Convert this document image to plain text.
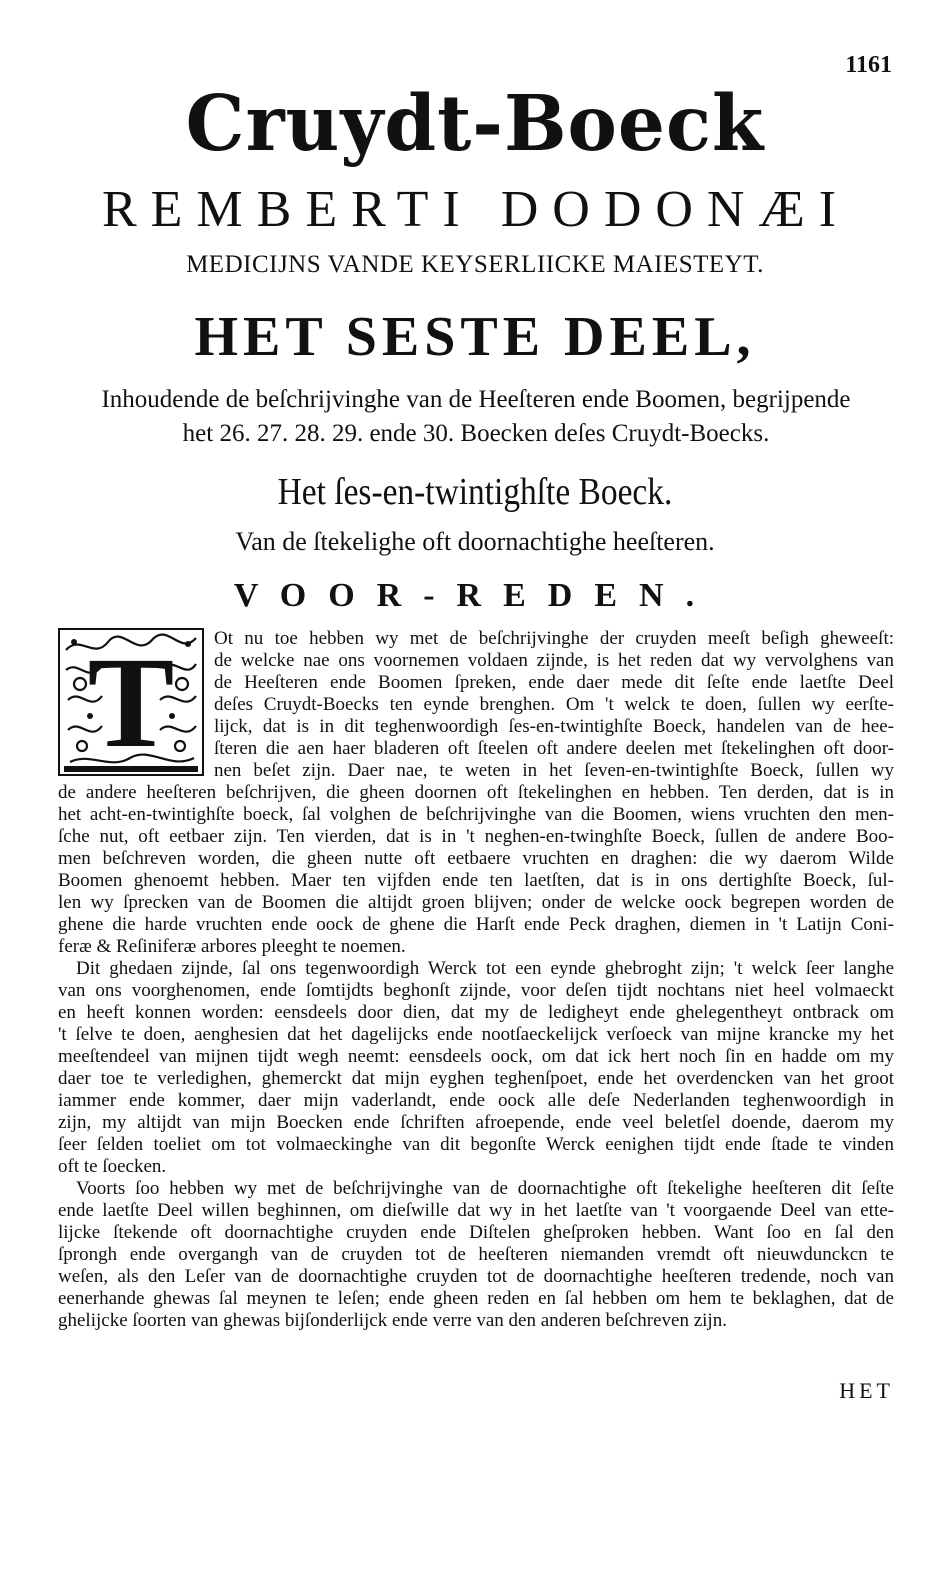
1161
Cruydt-Boeck
REMBERTI DODONÆI
MEDICIJNS VANDE KEYSERLIICKE MAIESTEYT.
HET SESTE DEEL,
Inhoudende de beſchrijvinghe van de Heeſteren ende Boomen, begrijpende
het 26. 27. 28. 29. ende 30. Boecken deſes Cruydt-Boecks.
Het ſes-en-twintighſte Boeck.
Van de ſtekelighe oft doornachtighe heeſteren.
VOOR-REDEN.
T	Ot nu toe hebben wy met de beſchrijvinghe der cruyden meeſt beſigh gheweeſt:
de welcke nae ons voornemen voldaen zijnde, is het reden dat wy vervolghens van
de Heeſteren ende Boomen ſpreken, ende daer mede dit ſeſte ende laetſte Deel
deſes Cruydt-Boecks ten eynde brenghen. Om 't welck te doen, ſullen wy eerſte-
lijck, dat is in dit teghenwoordigh ſes-en-twintighſte Boeck, handelen van de hee-
ſteren die aen haer bladeren oft ſteelen oft andere deelen met ſtekelinghen oft door-
nen beſet zijn. Daer nae, te weten in het ſeven-en-twintighſte Boeck, ſullen wy
de andere heeſteren beſchrijven, die gheen doornen oft ſtekelinghen en hebben. Ten derden, dat is in
het acht-en-twintighſte boeck, ſal volghen de beſchrijvinghe van die Boomen, wiens vruchten den men-
ſche nut, oft eetbaer zijn. Ten vierden, dat is in 't neghen-en-twinghſte Boeck, ſullen de andere Boo-
men beſchreven worden, die gheen nutte oft eetbaere vruchten en draghen: die wy daerom Wilde
Boomen ghenoemt hebben. Maer ten vijfden ende ten laetſten, dat is in ons dertighſte Boeck, ſul-
len wy ſprecken van de Boomen die altijdt groen blijven; onder de welcke oock begrepen worden de
ghene die harde vruchten ende oock de ghene die Harſt ende Peck draghen, diemen in 't Latijn Coni-
feræ & Reſiniferæ arbores pleeght te noemen.
Dit ghedaen zijnde, ſal ons tegenwoordigh Werck tot een eynde ghebroght zijn; 't welck ſeer langhe
van ons voorghenomen, ende ſomtijdts beghonſt zijnde, voor deſen tijdt nochtans niet heel volmaeckt
en heeft konnen worden: eensdeels door dien, dat my de ledigheyt ende ghelegentheyt ontbrack om
't ſelve te doen, aenghesien dat het dagelijcks ende nootſaeckelijck verſoeck van mijne krancke my het
meeſtendeel van mijnen tijdt wegh neemt: eensdeels oock, om dat ick hert noch ſin en hadde om my
daer toe te verledighen, ghemerckt dat mijn eyghen teghenſpoet, ende het overdencken van het groot
iammer ende kommer, daer mijn vaderlandt, ende oock alle deſe Nederlanden teghenwoordigh in
zijn, my altijdt van mijn Boecken ende ſchriften afroepende, ende veel beletſel doende, daerom my
ſeer ſelden toeliet om tot volmaeckinghe van dit begonſte Werck eenighen tijdt ende ſtade te vinden
oft te ſoecken.
Voorts ſoo hebben wy met de beſchrijvinghe van de doornachtighe oft ſtekelighe heeſteren dit ſeſte
ende laetſte Deel willen beghinnen, om dieſwille dat wy in het laetſte van 't voorgaende Deel van ette-
lijcke ſtekende oft doornachtighe cruyden ende Diſtelen gheſproken hebben. Want ſoo en ſal den
ſprongh ende overgangh van de cruyden tot de heeſteren niemanden vremdt oft nieuwdunckcn te
weſen, als den Leſer van de doornachtighe cruyden tot de doornachtighe heeſteren tredende, noch van
eenerhande ghewas ſal meynen te leſen; ende gheen reden en ſal hebben om hem te beklaghen, dat de
ghelijcke ſoorten van ghewas bijſonderlijck ende verre van den anderen beſchreven zijn.
HET
